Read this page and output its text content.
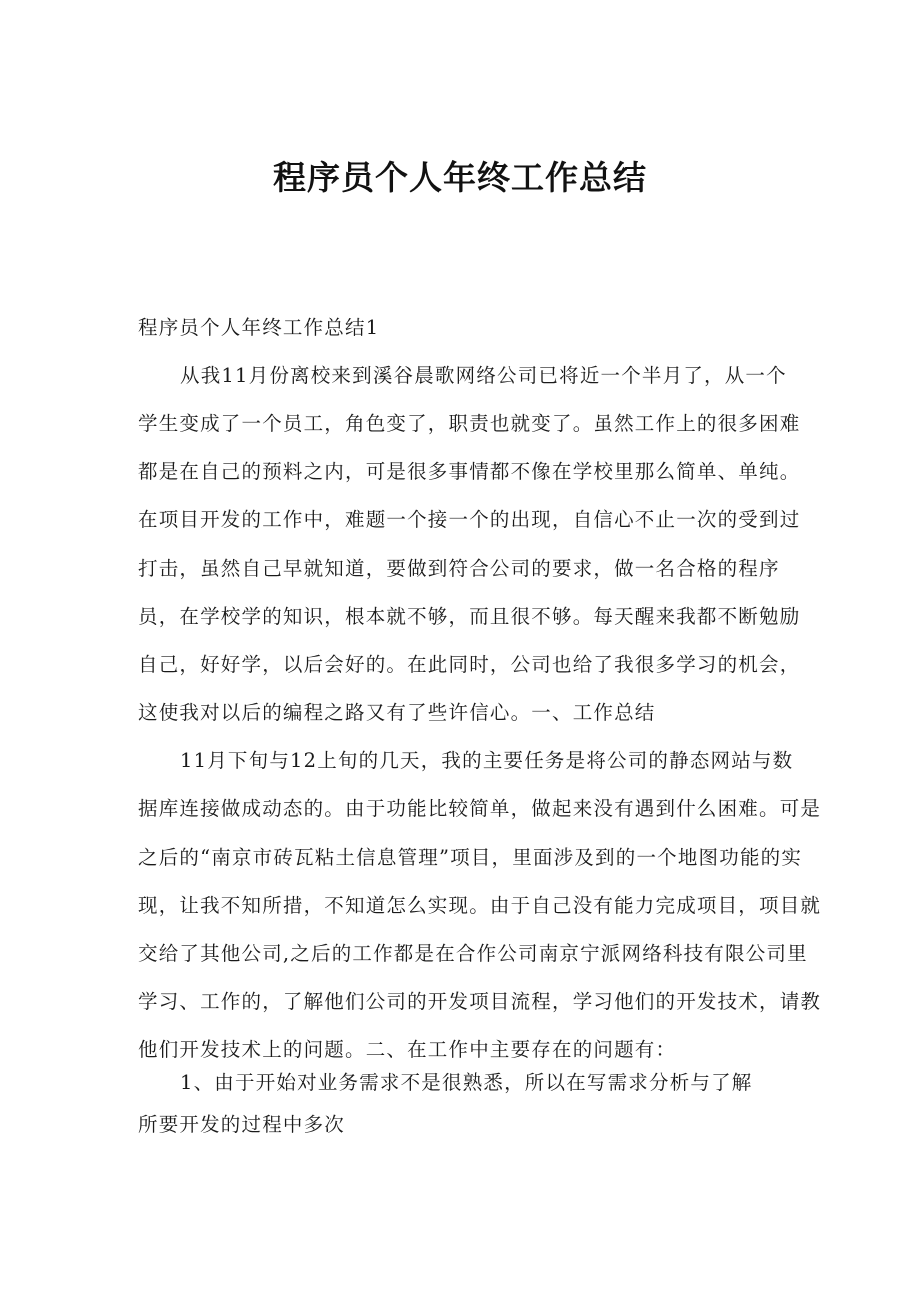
程序员个人年终工作总结

程序员个人年终工作总结1

从我11月份离校来到溪谷晨歌网络公司已将近一个半月了，从一个

学生变成了一个员工，角色变了，职责也就变了。虽然工作上的很多困难

都是在自己的预料之内，可是很多事情都不像在学校里那么简单、单纯。

在项目开发的工作中，难题一个接一个的出现，自信心不止一次的受到过

打击，虽然自己早就知道，要做到符合公司的要求，做一名合格的程序

员，在学校学的知识，根本就不够，而且很不够。每天醒来我都不断勉励

自己，好好学，以后会好的。在此同时，公司也给了我很多学习的机会，

这使我对以后的编程之路又有了些许信心。一、工作总结

11月下旬与12上旬的几天，我的主要任务是将公司的静态网站与数

据库连接做成动态的。由于功能比较简单，做起来没有遇到什么困难。可是

之后的“南京市砖瓦粘土信息管理”项目，里面涉及到的一个地图功能的实

现，让我不知所措，不知道怎么实现。由于自己没有能力完成项目，项目就

交给了其他公司,之后的工作都是在合作公司南京宁派网络科技有限公司里

学习、工作的，了解他们公司的开发项目流程，学习他们的开发技术，请教

他们开发技术上的问题。二、在工作中主要存在的问题有：

1、由于开始对业务需求不是很熟悉，所以在写需求分析与了解

所要开发的过程中多次
